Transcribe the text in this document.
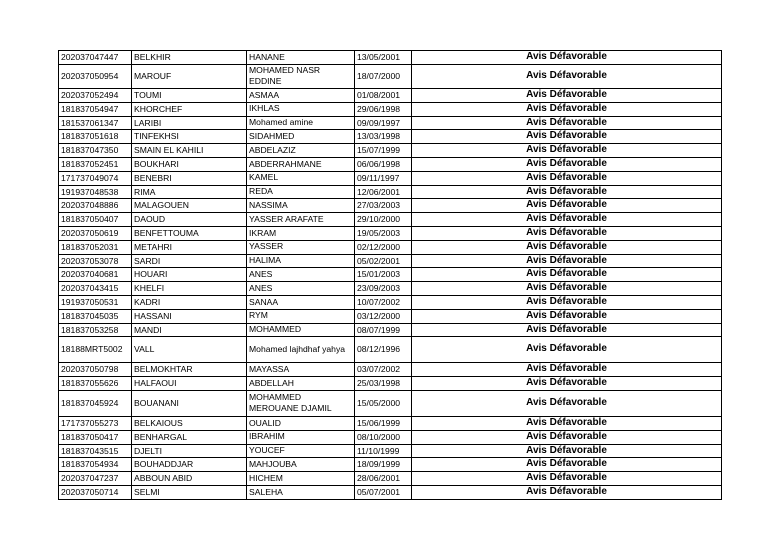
202037047447	BELKHIR	HANANE	13/05/2001	Avis Défavorable
202037050954	MAROUF	MOHAMED NASR EDDINE	18/07/2000	Avis Défavorable
202037052494	TOUMI	ASMAA	01/08/2001	Avis Défavorable
181837054947	KHORCHEF	IKHLAS	29/06/1998	Avis Défavorable
181537061347	LARIBI	Mohamed amine	09/09/1997	Avis Défavorable
181837051618	TINFEKHSI	SIDAHMED	13/03/1998	Avis Défavorable
181837047350	SMAIN EL KAHILI	ABDELAZIZ	15/07/1999	Avis Défavorable
181837052451	BOUKHARI	ABDERRAHMANE	06/06/1998	Avis Défavorable
171737049074	BENEBRI	KAMEL	09/11/1997	Avis Défavorable
191937048538	RIMA	REDA	12/06/2001	Avis Défavorable
202037048886	MALAGOUEN	NASSIMA	27/03/2003	Avis Défavorable
181837050407	DAOUD	YASSER ARAFATE	29/10/2000	Avis Défavorable
202037050619	BENFETTOUMA	IKRAM	19/05/2003	Avis Défavorable
181837052031	METAHRI	YASSER	02/12/2000	Avis Défavorable
202037053078	SARDI	HALIMA	05/02/2001	Avis Défavorable
202037040681	HOUARI	ANES	15/01/2003	Avis Défavorable
202037043415	KHELFI	ANES	23/09/2003	Avis Défavorable
191937050531	KADRI	SANAA	10/07/2002	Avis Défavorable
181837045035	HASSANI	RYM	03/12/2000	Avis Défavorable
181837053258	MANDI	MOHAMMED	08/07/1999	Avis Défavorable
18188MRT5002	VALL	Mohamed lajhdhaf yahya	08/12/1996	Avis Défavorable
202037050798	BELMOKHTAR	MAYASSA	03/07/2002	Avis Défavorable
181837055626	HALFAOUI	ABDELLAH	25/03/1998	Avis Défavorable
181837045924	BOUANANI	MOHAMMED MEROUANE DJAMIL	15/05/2000	Avis Défavorable
171737055273	BELKAIOUS	OUALID	15/06/1999	Avis Défavorable
181837050417	BENHARGAL	IBRAHIM	08/10/2000	Avis Défavorable
181837043515	DJELTI	YOUCEF	11/10/1999	Avis Défavorable
181837054934	BOUHADDJAR	MAHJOUBA	18/09/1999	Avis Défavorable
202037047237	ABBOUN ABID	HICHEM	28/06/2001	Avis Défavorable
202037050714	SELMI	SALEHA	05/07/2001	Avis Défavorable
